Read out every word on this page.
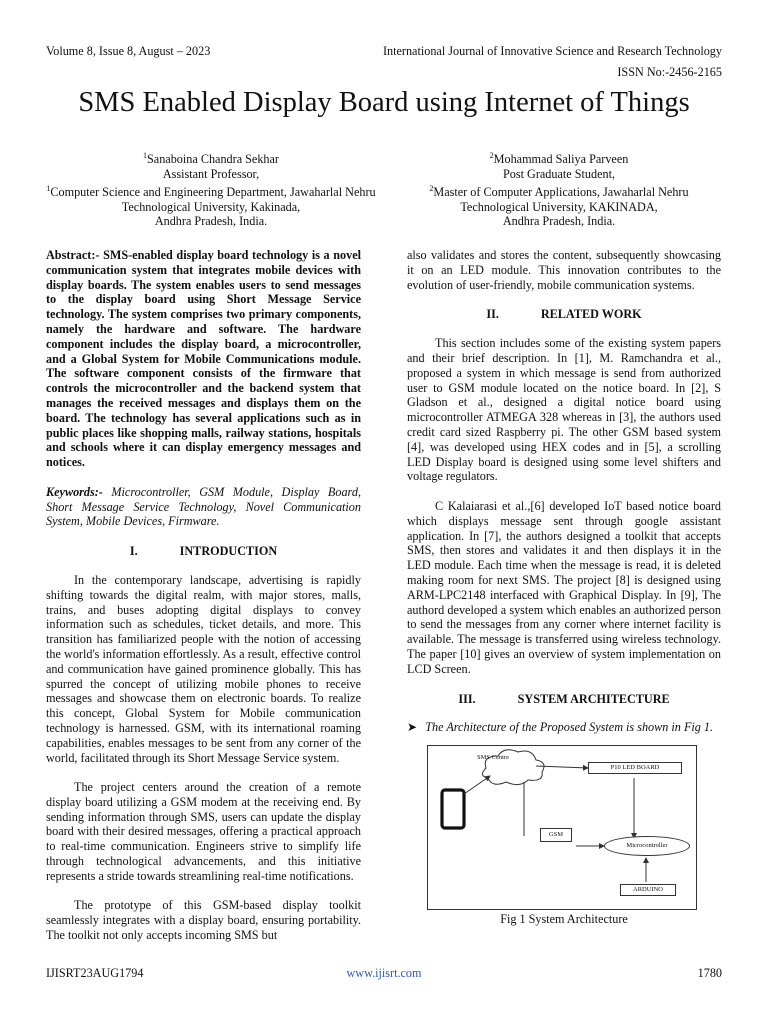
Volume 8, Issue 8, August – 2023	International Journal of Innovative Science and Research Technology
ISSN No:-2456-2165
SMS Enabled Display Board using Internet of Things
$^1$Sanaboina Chandra Sekhar
Assistant Professor,
$^1$Computer Science and Engineering Department, Jawaharlal Nehru Technological University, Kakinada,
Andhra Pradesh, India.
$^2$Mohammad Saliya Parveen
Post Graduate Student,
$^2$Master of Computer Applications, Jawaharlal Nehru Technological University, KAKINADA,
Andhra Pradesh, India.

Abstract:- SMS-enabled display board technology is a novel communication system that integrates mobile devices with display boards. The system enables users to send messages to the display board using Short Message Service technology. The system comprises two primary components, namely the hardware and software. The hardware component includes the display board, a microcontroller, and a Global System for Mobile Communications module. The software component consists of the firmware that controls the microcontroller and the backend system that manages the received messages and displays them on the board. The technology has several applications such as in public places like shopping malls, railway stations, hospitals and schools where it can display emergency messages and notices.

Keywords:- Microcontroller, GSM Module, Display Board, Short Message Service Technology, Novel Communication System, Mobile Devices, Firmware.

I.	INTRODUCTION

In the contemporary landscape, advertising is rapidly shifting towards the digital realm, with major stores, malls, trains, and buses adopting digital displays to convey information such as schedules, ticket details, and more. This transition has familiarized people with the notion of accessing the world's information effortlessly. As a result, effective control and communication have gained prominence globally. This has spurred the concept of utilizing mobile phones to receive messages and showcase them on electronic boards. To realize this concept, Global System for Mobile communication technology is harnessed. GSM, with its international roaming capabilities, enables messages to be sent from any corner of the world, facilitated through its Short Message Service system.

The project centers around the creation of a remote display board utilizing a GSM modem at the receiving end. By sending information through SMS, users can update the display board with their desired messages, offering a practical approach to real-time communication. Engineers strive to simplify life through technological advancements, and this initiative represents a stride towards streamlining real-time notifications.

The prototype of this GSM-based display toolkit seamlessly integrates with a display board, ensuring portability. The toolkit not only accepts incoming SMS but

also validates and stores the content, subsequently showcasing it on an LED module. This innovation contributes to the evolution of user-friendly, mobile communication systems.

II.	RELATED WORK

This section includes some of the existing system papers and their brief description. In [1], M. Ramchandra et al., proposed a system in which message is send from authorized user to GSM module located on the notice board. In [2], S Gladson et al., designed a digital notice board using microcontroller ATMEGA 328 whereas in [3], the authors used credit card sized Raspberry pi. The other GSM based system [4], was developed using HEX codes and in [5], a scrolling LED Display board is designed using some level shifters and voltage regulators.

C Kalaiarasi et al.,[6] developed IoT based notice board which displays message sent through google assistant application. In [7], the authors designed a toolkit that accepts SMS, then stores and validates it and then displays it in the LED module. Each time when the message is read, it is deleted making room for next SMS. The project [8] is designed using ARM-LPC2148 interfaced with Graphical Display. In [9], The authord developed a system which enables an authorized person to send the messages from any corner where internet facility is available. The message is transferred using wireless technology. The paper [10] gives an overview of system implementation on LCD Screen.

III.	SYSTEM ARCHITECTURE
➤ The Architecture of the Proposed System is shown in Fig 1.
SMS Centre
P10 LED BOARD
GSM
Microcontroller
ARDUINO
Fig 1 System Architecture
IJISRT23AUG1794	www.ijisrt.com	1780
